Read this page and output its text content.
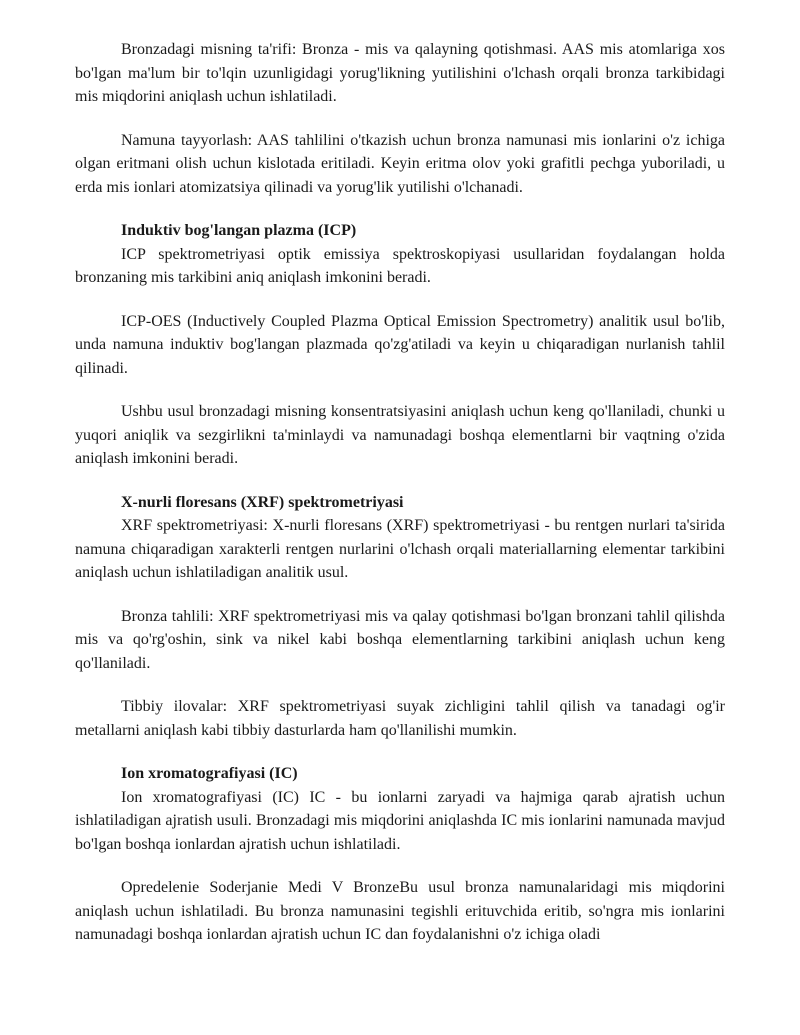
Bronzadagi misning ta'rifi: Bronza - mis va qalayning qotishmasi. AAS mis atomlariga xos bo'lgan ma'lum bir to'lqin uzunligidagi yorug'likning yutilishini o'lchash orqali bronza tarkibidagi mis miqdorini aniqlash uchun ishlatiladi.

Namuna tayyorlash: AAS tahlilini o'tkazish uchun bronza namunasi mis ionlarini o'z ichiga olgan eritmani olish uchun kislotada eritiladi. Keyin eritma olov yoki grafitli pechga yuboriladi, u erda mis ionlari atomizatsiya qilinadi va yorug'lik yutilishi o'lchanadi.

Induktiv bog'langan plazma (ICP)

ICP spektrometriyasi optik emissiya spektroskopiyasi usullaridan foydalangan holda bronzaning mis tarkibini aniq aniqlash imkonini beradi.

ICP-OES (Inductively Coupled Plazma Optical Emission Spectrometry) analitik usul bo'lib, unda namuna induktiv bog'langan plazmada qo'zg'atiladi va keyin u chiqaradigan nurlanish tahlil qilinadi.

Ushbu usul bronzadagi misning konsentratsiyasini aniqlash uchun keng qo'llaniladi, chunki u yuqori aniqlik va sezgirlikni ta'minlaydi va namunadagi boshqa elementlarni bir vaqtning o'zida aniqlash imkonini beradi.

X-nurli floresans (XRF) spektrometriyasi

XRF spektrometriyasi: X-nurli floresans (XRF) spektrometriyasi - bu rentgen nurlari ta'sirida namuna chiqaradigan xarakterli rentgen nurlarini o'lchash orqali materiallarning elementar tarkibini aniqlash uchun ishlatiladigan analitik usul.

Bronza tahlili: XRF spektrometriyasi mis va qalay qotishmasi bo'lgan bronzani tahlil qilishda mis va qo'rg'oshin, sink va nikel kabi boshqa elementlarning tarkibini aniqlash uchun keng qo'llaniladi.

Tibbiy ilovalar: XRF spektrometriyasi suyak zichligini tahlil qilish va tanadagi og'ir metallarni aniqlash kabi tibbiy dasturlarda ham qo'llanilishi mumkin.

Ion xromatografiyasi (IC)

Ion xromatografiyasi (IC) IC - bu ionlarni zaryadi va hajmiga qarab ajratish uchun ishlatiladigan ajratish usuli. Bronzadagi mis miqdorini aniqlashda IC mis ionlarini namunada mavjud bo'lgan boshqa ionlardan ajratish uchun ishlatiladi.

Opredelenie Soderjanie Medi V BronzeBu usul bronza namunalaridagi mis miqdorini aniqlash uchun ishlatiladi. Bu bronza namunasini tegishli erituvchida eritib, so'ngra mis ionlarini namunadagi boshqa ionlardan ajratish uchun IC dan foydalanishni o'z ichiga oladi
